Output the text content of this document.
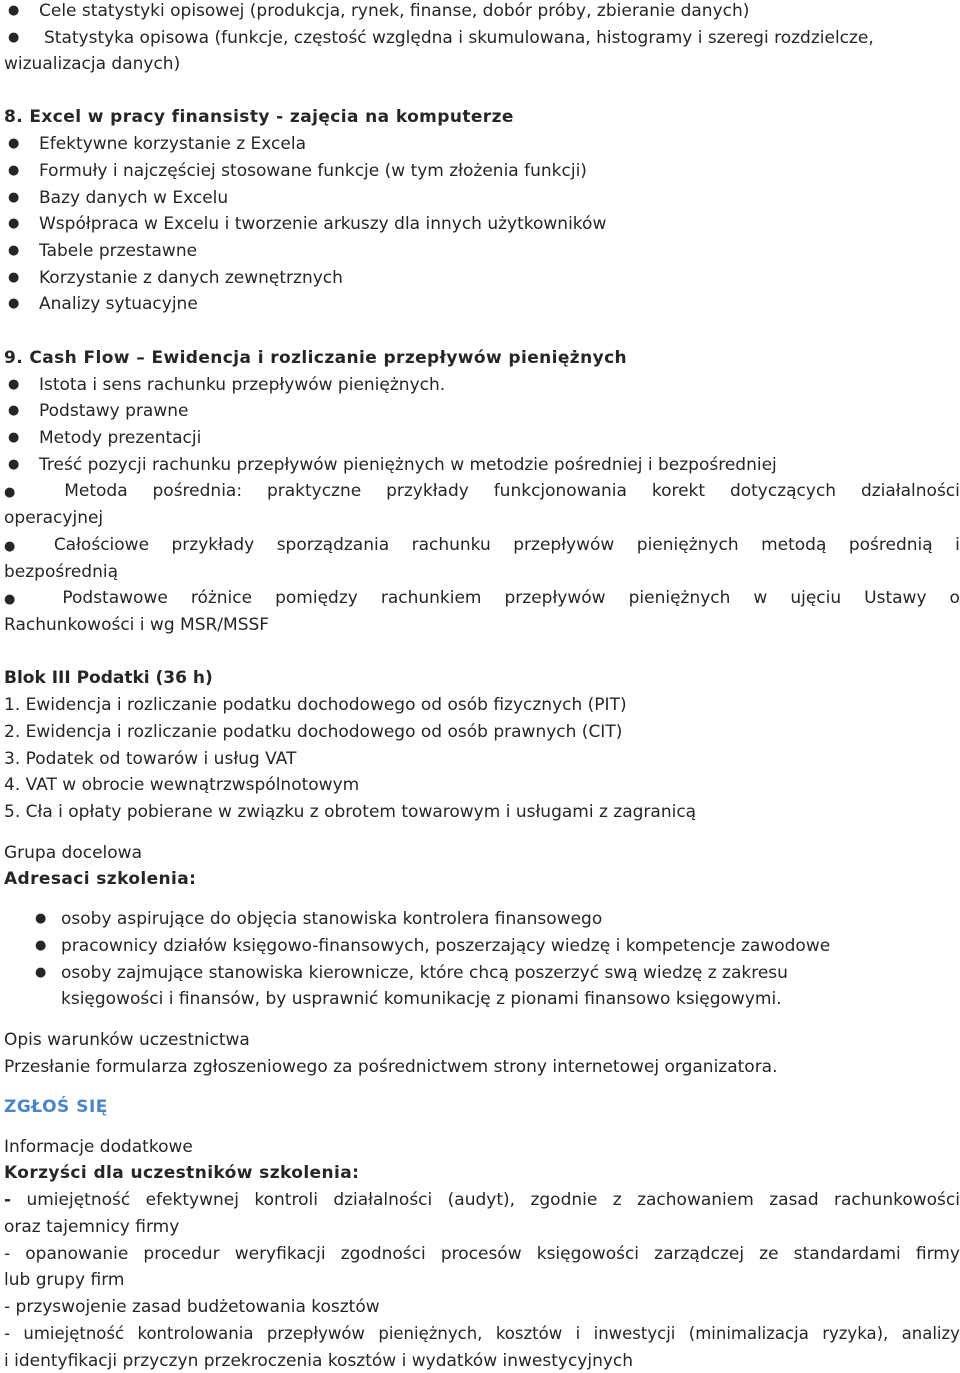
● Cele statystyki opisowej (produkcja, rynek, finanse, dobór próby, zbieranie danych)
● Statystyka opisowa (funkcje, częstość względna i skumulowana, histogramy i szeregi rozdzielcze,
wizualizacja danych)
8. Excel w pracy finansisty - zajęcia na komputerze
● Efektywne korzystanie z Excela
● Formuły i najczęściej stosowane funkcje (w tym złożenia funkcji)
● Bazy danych w Excelu
● Współpraca w Excelu i tworzenie arkuszy dla innych użytkowników
● Tabele przestawne
● Korzystanie z danych zewnętrznych
● Analizy sytuacyjne
9. Cash Flow – Ewidencja i rozliczanie przepływów pieniężnych
● Istota i sens rachunku przepływów pieniężnych.
● Podstawy prawne
● Metody prezentacji
● Treść pozycji rachunku przepływów pieniężnych w metodzie pośredniej i bezpośredniej
●	Metoda pośrednia: praktyczne przykłady funkcjonowania korekt dotyczących działalności
operacyjnej
● Całościowe przykłady sporządzania rachunku przepływów pieniężnych metodą pośrednią i
bezpośrednią
●	Podstawowe różnice pomiędzy rachunkiem przepływów pieniężnych w ujęciu Ustawy o
Rachunkowości i wg MSR/MSSF
Blok III Podatki (36 h)
1. Ewidencja i rozliczanie podatku dochodowego od osób fizycznych (PIT)
2. Ewidencja i rozliczanie podatku dochodowego od osób prawnych (CIT)
3. Podatek od towarów i usług VAT
4. VAT w obrocie wewnątrzwspólnotowym
5. Cła i opłaty pobierane w związku z obrotem towarowym i usługami z zagranicą
Grupa docelowa
Adresaci szkolenia:
● osoby aspirujące do objęcia stanowiska kontrolera finansowego
● pracownicy działów księgowo-finansowych, poszerzający wiedzę i kompetencje zawodowe
● osoby zajmujące stanowiska kierownicze, które chcą poszerzyć swą wiedzę z zakresu
księgowości i finansów, by usprawnić komunikację z pionami finansowo księgowymi.
Opis warunków uczestnictwa
Przesłanie formularza zgłoszeniowego za pośrednictwem strony internetowej organizatora.
ZGŁOŚ SIĘ
Informacje dodatkowe
Korzyści dla uczestników szkolenia:
- umiejętność efektywnej kontroli działalności (audyt), zgodnie z zachowaniem zasad rachunkowości
oraz tajemnicy firmy
- opanowanie procedur weryfikacji zgodności procesów księgowości zarządczej ze standardami firmy
lub grupy firm
- przyswojenie zasad budżetowania kosztów
- umiejętność kontrolowania przepływów pieniężnych, kosztów i inwestycji (minimalizacja ryzyka), analizy
i identyfikacji przyczyn przekroczenia kosztów i wydatków inwestycyjnych
